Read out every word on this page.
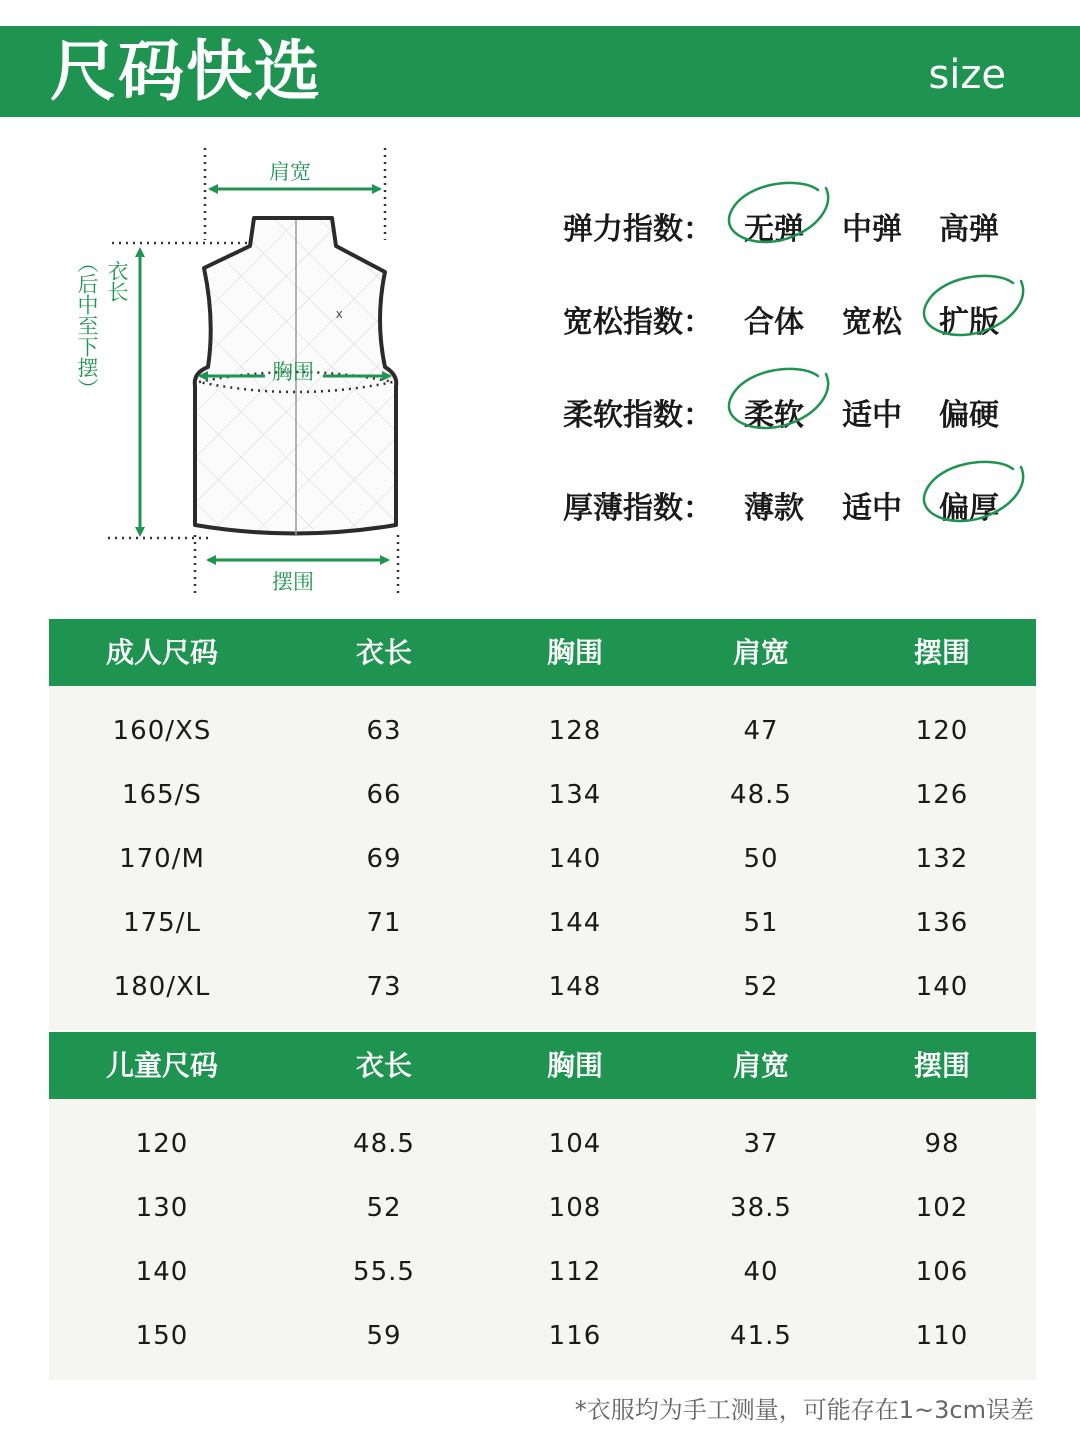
尺码快选	size
x
肩宽
衣长
（后中至下摆）	胸围
摆围
弹力指数： 无弹 中弹 高弹
宽松指数： 合体 宽松 扩版
柔软指数： 柔软 适中 偏硬
厚薄指数： 薄款 适中 偏厚
成人尺码	衣长	胸围	肩宽	摆围
160/XS	63	128	47	120
165/S	66	134	48.5	126
170/M	69	140	50	132
175/L	71	144	51	136
180/XL	73	148	52	140
儿童尺码	衣长	胸围	肩宽	摆围
120	48.5	104	37	98
130	52	108	38.5	102
140	55.5	112	40	106
150	59	116	41.5	110
*衣服均为手工测量，可能存在1~3cm误差
